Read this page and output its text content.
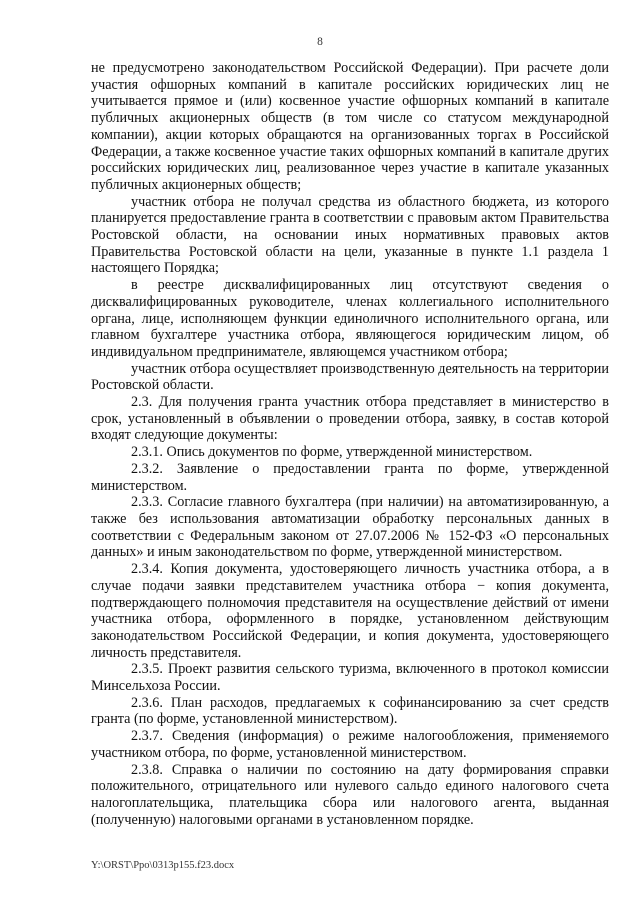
8

не предусмотрено законодательством Российской Федерации). При расчете доли участия офшорных компаний в капитале российских юридических лиц не учитывается прямое и (или) косвенное участие офшорных компаний в капитале публичных акционерных обществ (в том числе со статусом международной компании), акции которых обращаются на организованных торгах в Российской Федерации, а также косвенное участие таких офшорных компаний в капитале других российских юридических лиц, реализованное через участие в капитале указанных публичных акционерных обществ;

участник отбора не получал средства из областного бюджета, из которого планируется предоставление гранта в соответствии с правовым актом Правительства Ростовской области, на основании иных нормативных правовых актов Правительства Ростовской области на цели, указанные в пункте 1.1 раздела 1 настоящего Порядка;

в реестре дисквалифицированных лиц отсутствуют сведения о дисквалифицированных руководителе, членах коллегиального исполнительного органа, лице, исполняющем функции единоличного исполнительного органа, или главном бухгалтере участника отбора, являющегося юридическим лицом, об индивидуальном предпринимателе, являющемся участником отбора;

участник отбора осуществляет производственную деятельность на территории Ростовской области.

2.3. Для получения гранта участник отбора представляет в министерство в срок, установленный в объявлении о проведении отбора, заявку, в состав которой входят следующие документы:

2.3.1. Опись документов по форме, утвержденной министерством.

2.3.2. Заявление о предоставлении гранта по форме, утвержденной министерством.

2.3.3. Согласие главного бухгалтера (при наличии) на автоматизированную, а также без использования автоматизации обработку персональных данных в соответствии с Федеральным законом от 27.07.2006 № 152-ФЗ «О персональных данных» и иным законодательством по форме, утвержденной министерством.

2.3.4. Копия документа, удостоверяющего личность участника отбора, а в случае подачи заявки представителем участника отбора − копия документа, подтверждающего полномочия представителя на осуществление действий от имени участника отбора, оформленного в порядке, установленном действующим законодательством Российской Федерации, и копия документа, удостоверяющего личность представителя.

2.3.5. Проект развития сельского туризма, включенного в протокол комиссии Минсельхоза России.

2.3.6. План расходов, предлагаемых к софинансированию за счет средств гранта (по форме, установленной министерством).

2.3.7. Сведения (информация) о режиме налогообложения, применяемого участником отбора, по форме, установленной министерством.

2.3.8. Справка о наличии по состоянию на дату формирования справки положительного, отрицательного или нулевого сальдо единого налогового счета налогоплательщика, плательщика сбора или налогового агента, выданная (полученную) налоговыми органами в установленном порядке.

Y:\ORST\Ppo\0313p155.f23.docx
